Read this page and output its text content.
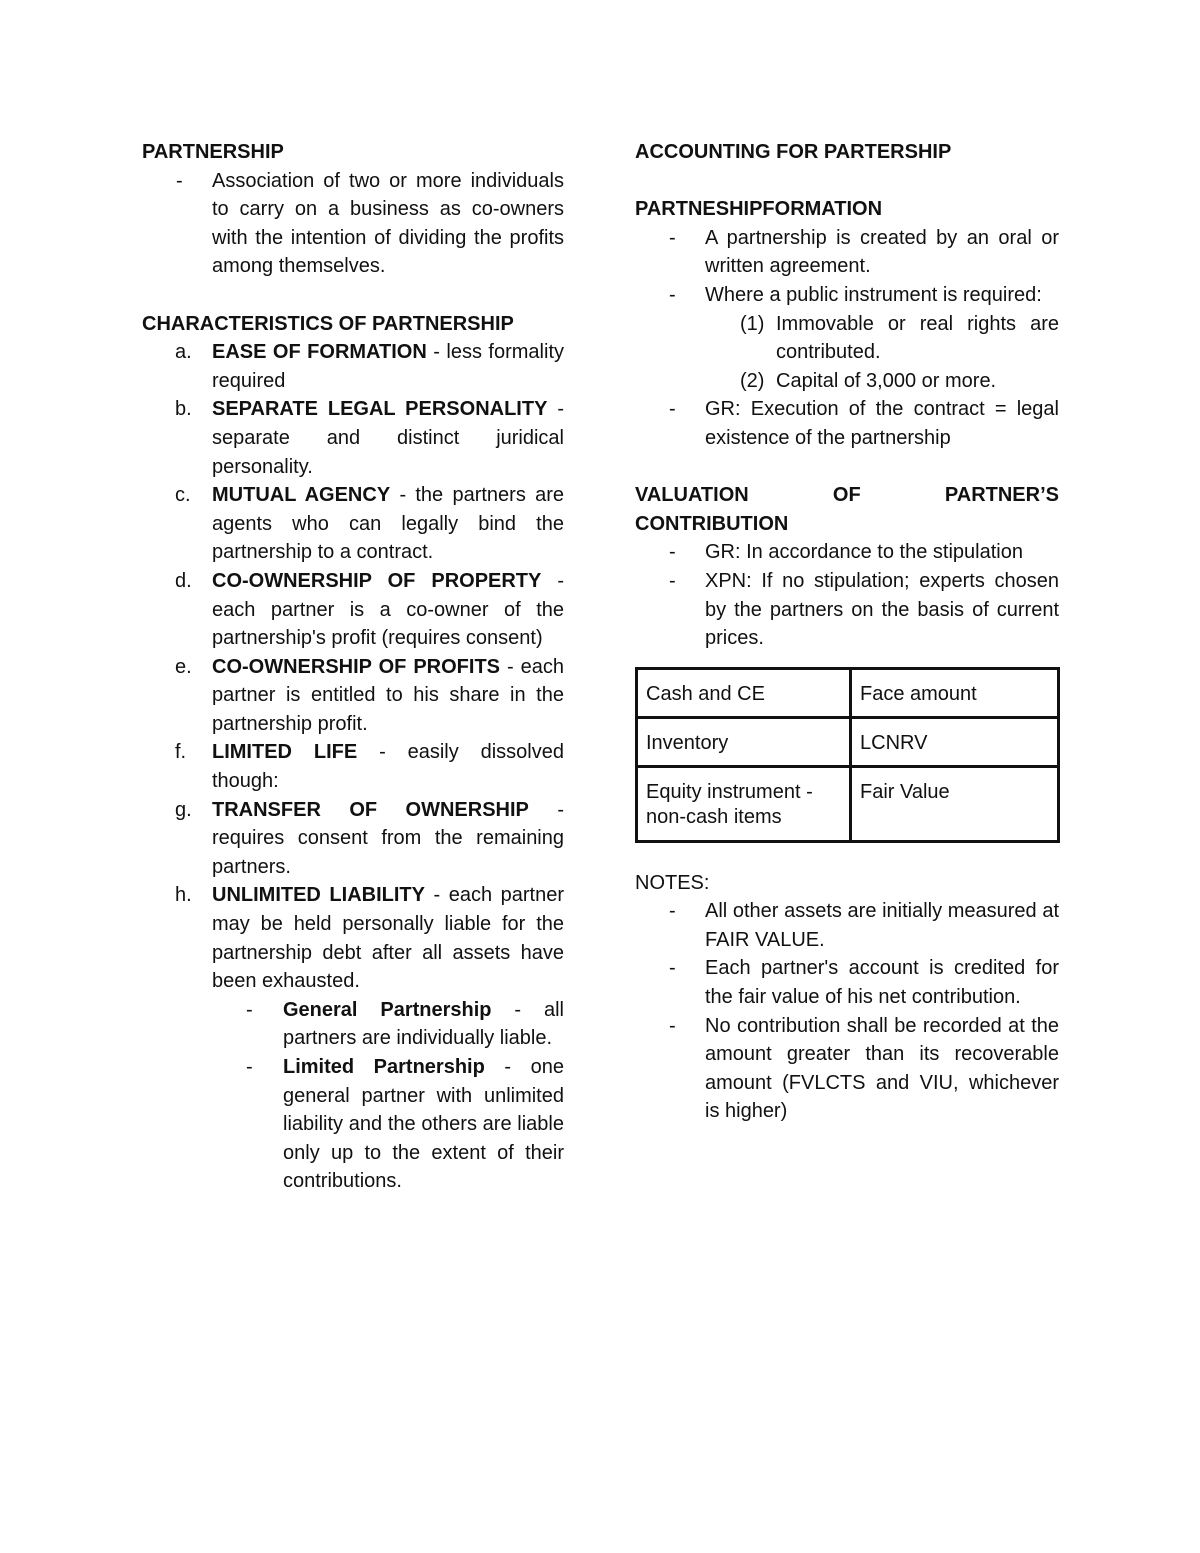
PARTNERSHIP

- Association of two or more individuals to carry on a business as co-owners with the intention of dividing the profits among themselves.

CHARACTERISTICS OF PARTNERSHIP

a. EASE OF FORMATION - less formality required
b. SEPARATE LEGAL PERSONALITY - separate and distinct juridical personality.
c. MUTUAL AGENCY - the partners are agents who can legally bind the partnership to a contract.
d. CO-OWNERSHIP OF PROPERTY - each partner is a co-owner of the partnership's profit (requires consent)
e. CO-OWNERSHIP OF PROFITS - each partner is entitled to his share in the partnership profit.
f. LIMITED LIFE - easily dissolved though:
g. TRANSFER OF OWNERSHIP - requires consent from the remaining partners.
h. UNLIMITED LIABILITY - each partner may be held personally liable for the partnership debt after all assets have been exhausted.
- General Partnership - all partners are individually liable.
- Limited Partnership - one general partner with unlimited liability and the others are liable only up to the extent of their contributions.

ACCOUNTING FOR PARTERSHIP

PARTNESHIPFORMATION

- A partnership is created by an oral or written agreement.
- Where a public instrument is required:
(1) Immovable or real rights are contributed.
(2) Capital of 3,000 or more.
- GR: Execution of the contract = legal existence of the partnership

VALUATION OF PARTNER’S

CONTRIBUTION

- GR: In accordance to the stipulation
- XPN: If no stipulation; experts chosen by the partners on the basis of current prices.
Cash and CE	Face amount
Inventory	LCNRV
Equity instrument - non-cash items	Fair Value

NOTES:

- All other assets are initially measured at FAIR VALUE.
- Each partner's account is credited for the fair value of his net contribution.
- No contribution shall be recorded at the amount greater than its recoverable amount (FVLCTS and VIU, whichever is higher)
